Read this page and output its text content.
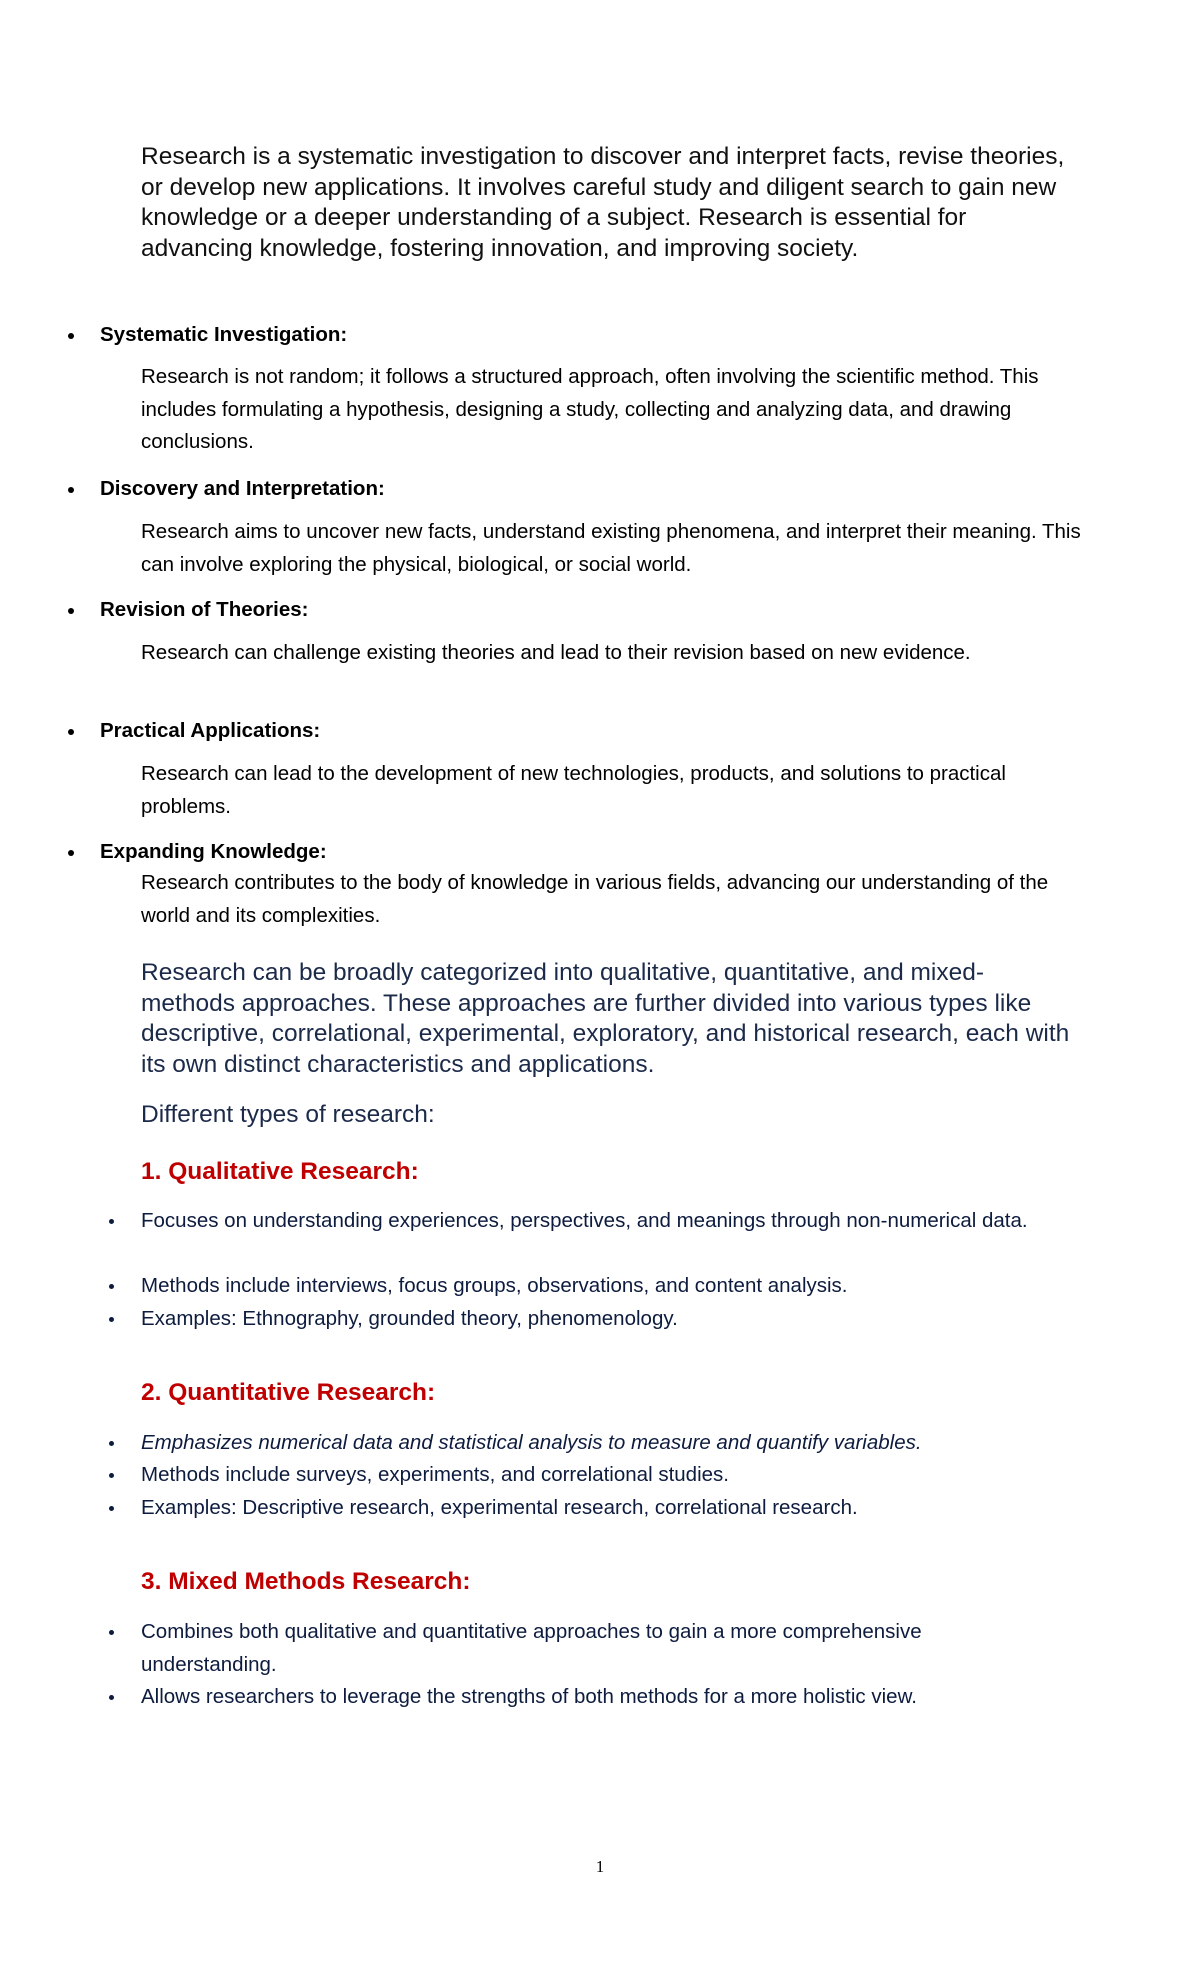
Research is a systematic investigation to discover and interpret facts, revise theories, or develop new applications. It involves careful study and diligent search to gain new knowledge or a deeper understanding of a subject. Research is essential for advancing knowledge, fostering innovation, and improving society.

Systematic Investigation:
Research is not random; it follows a structured approach, often involving the scientific method. This includes formulating a hypothesis, designing a study, collecting and analyzing data, and drawing conclusions.
Discovery and Interpretation:
Research aims to uncover new facts, understand existing phenomena, and interpret their meaning. This can involve exploring the physical, biological, or social world.
Revision of Theories:
Research can challenge existing theories and lead to their revision based on new evidence.
Practical Applications:
Research can lead to the development of new technologies, products, and solutions to practical problems.
Expanding Knowledge:
Research contributes to the body of knowledge in various fields, advancing our understanding of the world and its complexities.

Research can be broadly categorized into qualitative, quantitative, and mixed-methods approaches. These approaches are further divided into various types like descriptive, correlational, experimental, exploratory, and historical research, each with its own distinct characteristics and applications.

Different types of research:
1. Qualitative Research:
Focuses on understanding experiences, perspectives, and meanings through non-numerical data.
Methods include interviews, focus groups, observations, and content analysis.
Examples: Ethnography, grounded theory, phenomenology.
2. Quantitative Research:
Emphasizes numerical data and statistical analysis to measure and quantify variables.
Methods include surveys, experiments, and correlational studies.
Examples: Descriptive research, experimental research, correlational research.
3. Mixed Methods Research:
Combines both qualitative and quantitative approaches to gain a more comprehensive understanding.
Allows researchers to leverage the strengths of both methods for a more holistic view.
1
